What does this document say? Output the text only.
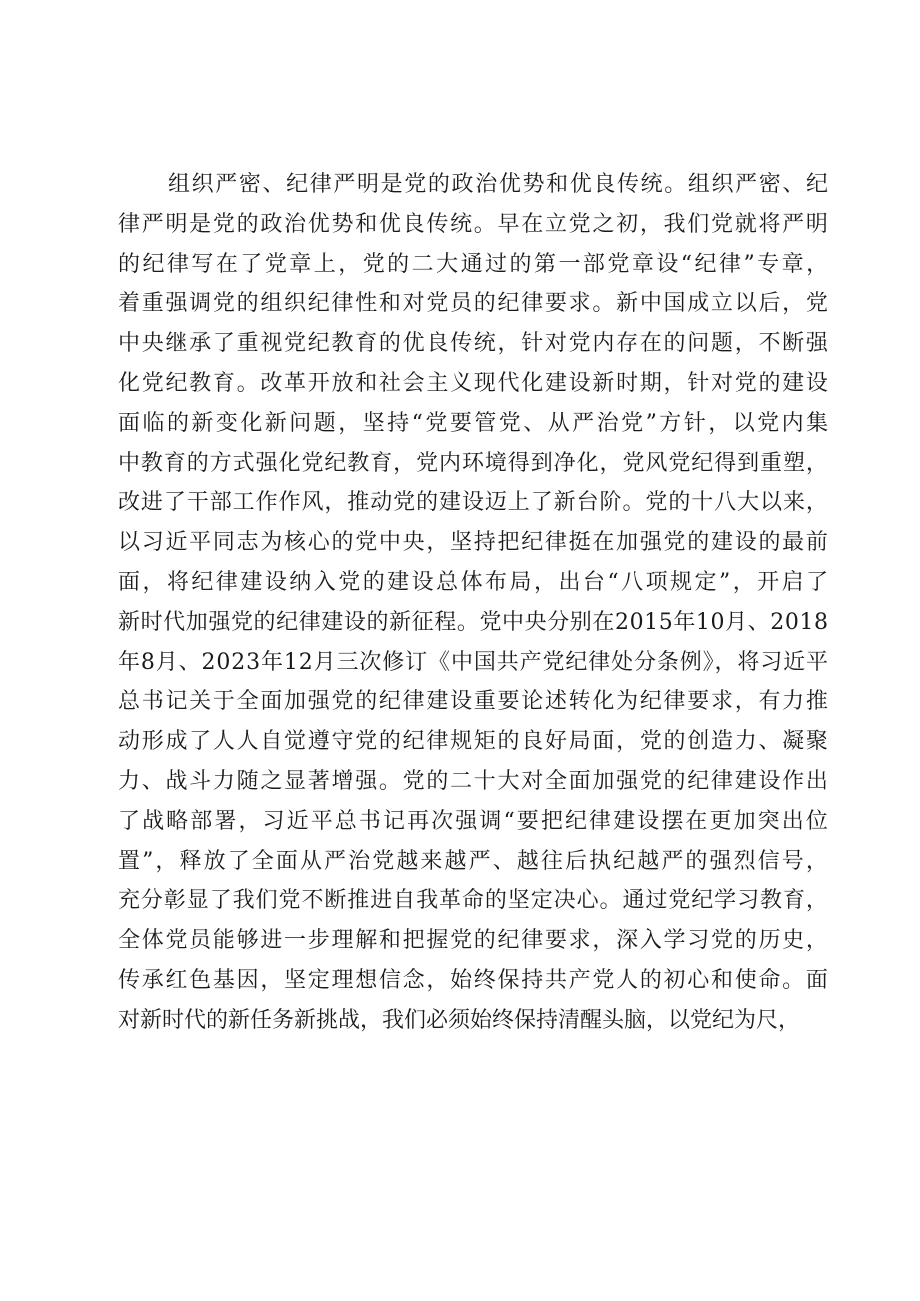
组织严密、纪律严明是党的政治优势和优良传统。组织严密、纪
律严明是党的政治优势和优良传统。早在立党之初，我们党就将严明
的纪律写在了党章上，党的二大通过的第一部党章设“纪律”专章，
着重强调党的组织纪律性和对党员的纪律要求。新中国成立以后，党
中央继承了重视党纪教育的优良传统，针对党内存在的问题，不断强
化党纪教育。改革开放和社会主义现代化建设新时期，针对党的建设
面临的新变化新问题，坚持“党要管党、从严治党”方针，以党内集
中教育的方式强化党纪教育，党内环境得到净化，党风党纪得到重塑，
改进了干部工作作风，推动党的建设迈上了新台阶。党的十八大以来，
以习近平同志为核心的党中央，坚持把纪律挺在加强党的建设的最前
面，将纪律建设纳入党的建设总体布局，出台“八项规定”，开启了
新时代加强党的纪律建设的新征程。党中央分别在2015年10月、2018
年8月、2023年12月三次修订《中国共产党纪律处分条例》，将习近平
总书记关于全面加强党的纪律建设重要论述转化为纪律要求，有力推
动形成了人人自觉遵守党的纪律规矩的良好局面，党的创造力、凝聚
力、战斗力随之显著增强。党的二十大对全面加强党的纪律建设作出
了战略部署，习近平总书记再次强调“要把纪律建设摆在更加突出位
置”，释放了全面从严治党越来越严、越往后执纪越严的强烈信号，
充分彰显了我们党不断推进自我革命的坚定决心。通过党纪学习教育，
全体党员能够进一步理解和把握党的纪律要求，深入学习党的历史，
传承红色基因，坚定理想信念，始终保持共产党人的初心和使命。面
对新时代的新任务新挑战，我们必须始终保持清醒头脑，以党纪为尺，
